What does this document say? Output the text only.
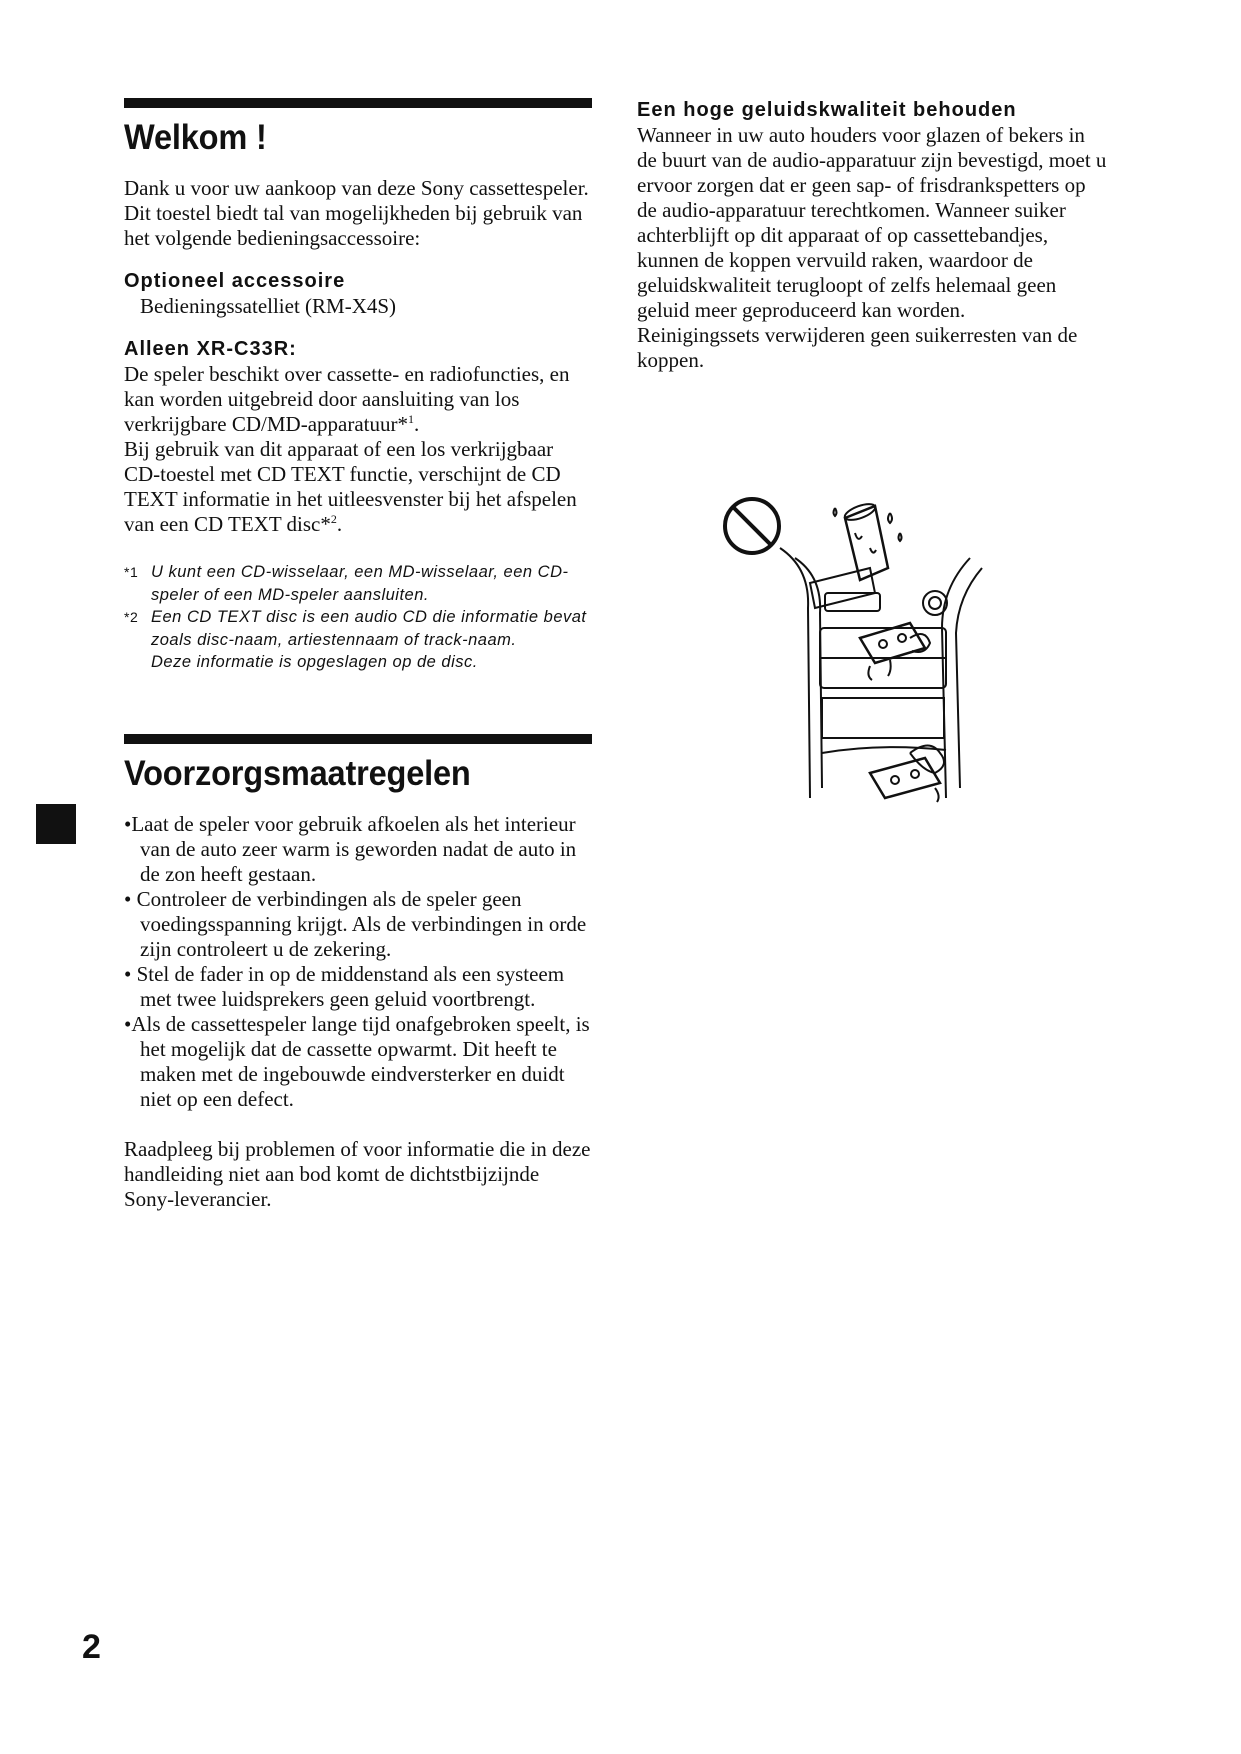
Welkom !

Dank u voor uw aankoop van deze Sony cassettespeler. Dit toestel biedt tal van mogelijkheden bij gebruik van het volgende bedieningsaccessoire:

Optioneel accessoire

Bedieningssatelliet (RM-X4S)

Alleen XR-C33R:

De speler beschikt over cassette- en radiofuncties, en kan worden uitgebreid door aansluiting van los verkrijgbare CD/MD-apparatuur*$^1$.

Bij gebruik van dit apparaat of een los verkrijgbaar CD-toestel met CD TEXT functie, verschijnt de CD TEXT informatie in het uitleesvenster bij het afspelen van een CD TEXT disc*$^2$.

*1 U kunt een CD-wisselaar, een MD-wisselaar, een CD-speler of een MD-speler aansluiten.
*2 Een CD TEXT disc is een audio CD die informatie bevat zoals disc-naam, artiestennaam of track-naam.
Deze informatie is opgeslagen op de disc.
Voorzorgsmaatregelen
•Laat de speler voor gebruik afkoelen als het interieur van de auto zeer warm is geworden nadat de auto in de zon heeft gestaan.
• Controleer de verbindingen als de speler geen voedingsspanning krijgt. Als de verbindingen in orde zijn controleert u de zekering.
• Stel de fader in op de middenstand als een systeem met twee luidsprekers geen geluid voortbrengt.
•Als de cassettespeler lange tijd onafgebroken speelt, is het mogelijk dat de cassette opwarmt. Dit heeft te maken met de ingebouwde eindversterker en duidt niet op een defect.

Raadpleeg bij problemen of voor informatie die in deze handleiding niet aan bod komt de dichtstbijzijnde Sony-leverancier.

Een hoge geluidskwaliteit behouden

Wanneer in uw auto houders voor glazen of bekers in de buurt van de audio-apparatuur zijn bevestigd, moet u ervoor zorgen dat er geen sap- of frisdrankspetters op de audio-apparatuur terechtkomen. Wanneer suiker achterblijft op dit apparaat of op cassettebandjes, kunnen de koppen vervuild raken, waardoor de geluidskwaliteit terugloopt of zelfs helemaal geen geluid meer geproduceerd kan worden.

Reinigingssets verwijderen geen suikerresten van de koppen.

2
